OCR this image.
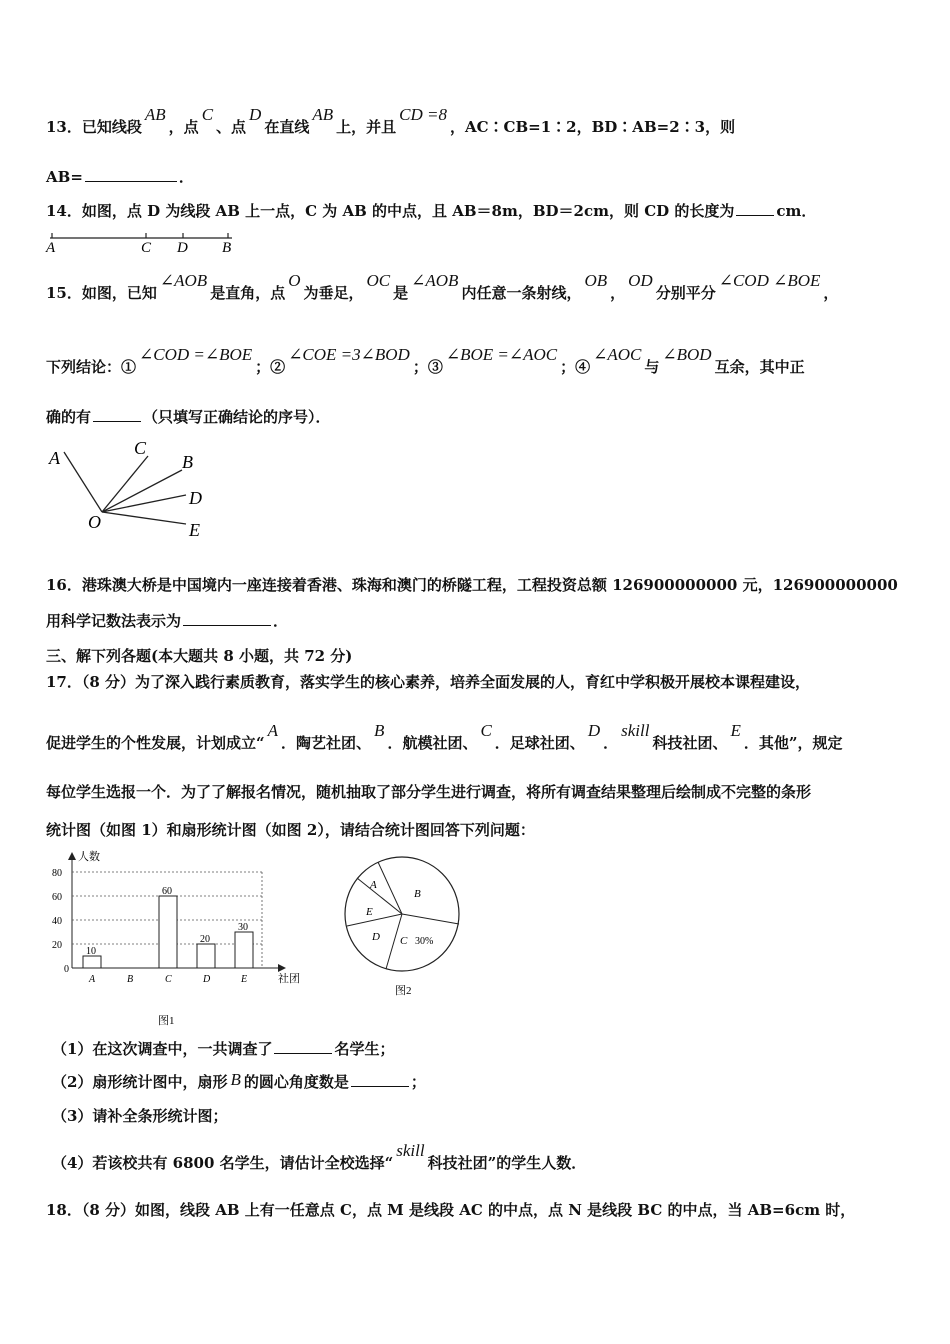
13．已知线段AB，点C、点D在直线AB上，并且CD =8，AC∶CB=1∶2，BD∶AB=2∶3，则
AB=	．
14．如图，点 D 为线段 AB 上一点，C 为 AB 的中点，且 AB＝8m，BD＝2cm，则 CD 的长度为	cm．
A	C D B
15．如图，已知∠AOB是直角，点O为垂足，OC是∠AOB内任意一条射线，OB，OD分别平分∠COD ∠BOE，
下列结论：①∠COD =∠BOE；②∠COE =3∠BOD；③∠BOE =∠AOC；④∠AOC与∠BOD互余，其中正
确的有	（只填写正确结论的序号）．
A	C
B
D
O	E
16．港珠澳大桥是中国境内一座连接着香港、珠海和澳门的桥隧工程，工程投资总额 126900000000 元，126900000000
用科学记数法表示为	．
三、解下列各题(本大题共 8 小题，共 72 分)
17．（8 分）为了深入践行素质教育，落实学生的核心素养，培养全面发展的人，育红中学积极开展校本课程建设，
促进学生的个性发展，计划成立“A．陶艺社团、B．航模社团、C．足球社团、D．skill科技社团、E．其他”，规定
每位学生选报一个．为了了解报名情况，随机抽取了部分学生进行调查，将所有调查结果整理后绘制成不完整的条形
统计图（如图 1）和扇形统计图（如图 2），请结合统计图回答下列问题：
0
20
40
60
80
10
60
20
30
A	B	C	D	E
人数
社团
图1
B
C 30%
D
E
A
图2
（1）在这次调查中，一共调查了	名学生；
（2）扇形统计图中，扇形 B 的圆心角度数是	；
（3）请补全条形统计图；
（4）若该校共有 6800 名学生，请估计全校选择“skill科技社团”的学生人数．
18．（8 分）如图，线段 AB 上有一任意点 C，点 M 是线段 AC 的中点，点 N 是线段 BC 的中点，当 AB=6cm 时，
